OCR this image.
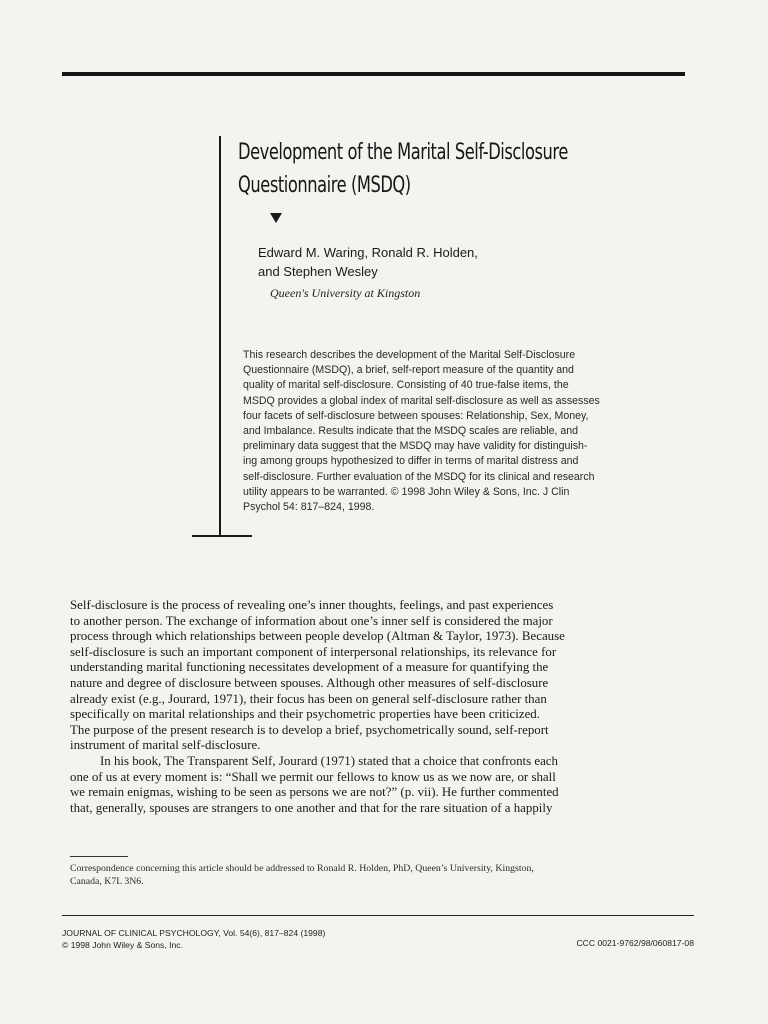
Development of the Marital Self-Disclosure
Questionnaire (MSDQ)
Edward M. Waring, Ronald R. Holden,
and Stephen Wesley
Queen's University at Kingston
This research describes the development of the Marital Self-Disclosure
Questionnaire (MSDQ), a brief, self-report measure of the quantity and
quality of marital self-disclosure. Consisting of 40 true-false items, the
MSDQ provides a global index of marital self-disclosure as well as assesses
four facets of self-disclosure between spouses: Relationship, Sex, Money,
and Imbalance. Results indicate that the MSDQ scales are reliable, and
preliminary data suggest that the MSDQ may have validity for distinguish-
ing among groups hypothesized to differ in terms of marital distress and
self-disclosure. Further evaluation of the MSDQ for its clinical and research
utility appears to be warranted. © 1998 John Wiley & Sons, Inc. J Clin
Psychol 54: 817–824, 1998.
Self-disclosure is the process of revealing one’s inner thoughts, feelings, and past experiences
to another person. The exchange of information about one’s inner self is considered the major
process through which relationships between people develop (Altman & Taylor, 1973). Because
self-disclosure is such an important component of interpersonal relationships, its relevance for
understanding marital functioning necessitates development of a measure for quantifying the
nature and degree of disclosure between spouses. Although other measures of self-disclosure
already exist (e.g., Jourard, 1971), their focus has been on general self-disclosure rather than
specifically on marital relationships and their psychometric properties have been criticized.
The purpose of the present research is to develop a brief, psychometrically sound, self-report
instrument of marital self-disclosure.
In his book, The Transparent Self, Jourard (1971) stated that a choice that confronts each
one of us at every moment is: “Shall we permit our fellows to know us as we now are, or shall
we remain enigmas, wishing to be seen as persons we are not?” (p. vii). He further commented
that, generally, spouses are strangers to one another and that for the rare situation of a happily
Correspondence concerning this article should be addressed to Ronald R. Holden, PhD, Queen’s University, Kingston,
Canada, K7L 3N6.
JOURNAL OF CLINICAL PSYCHOLOGY, Vol. 54(6), 817–824 (1998)
© 1998 John Wiley & Sons, Inc.	CCC 0021-9762/98/060817-08
